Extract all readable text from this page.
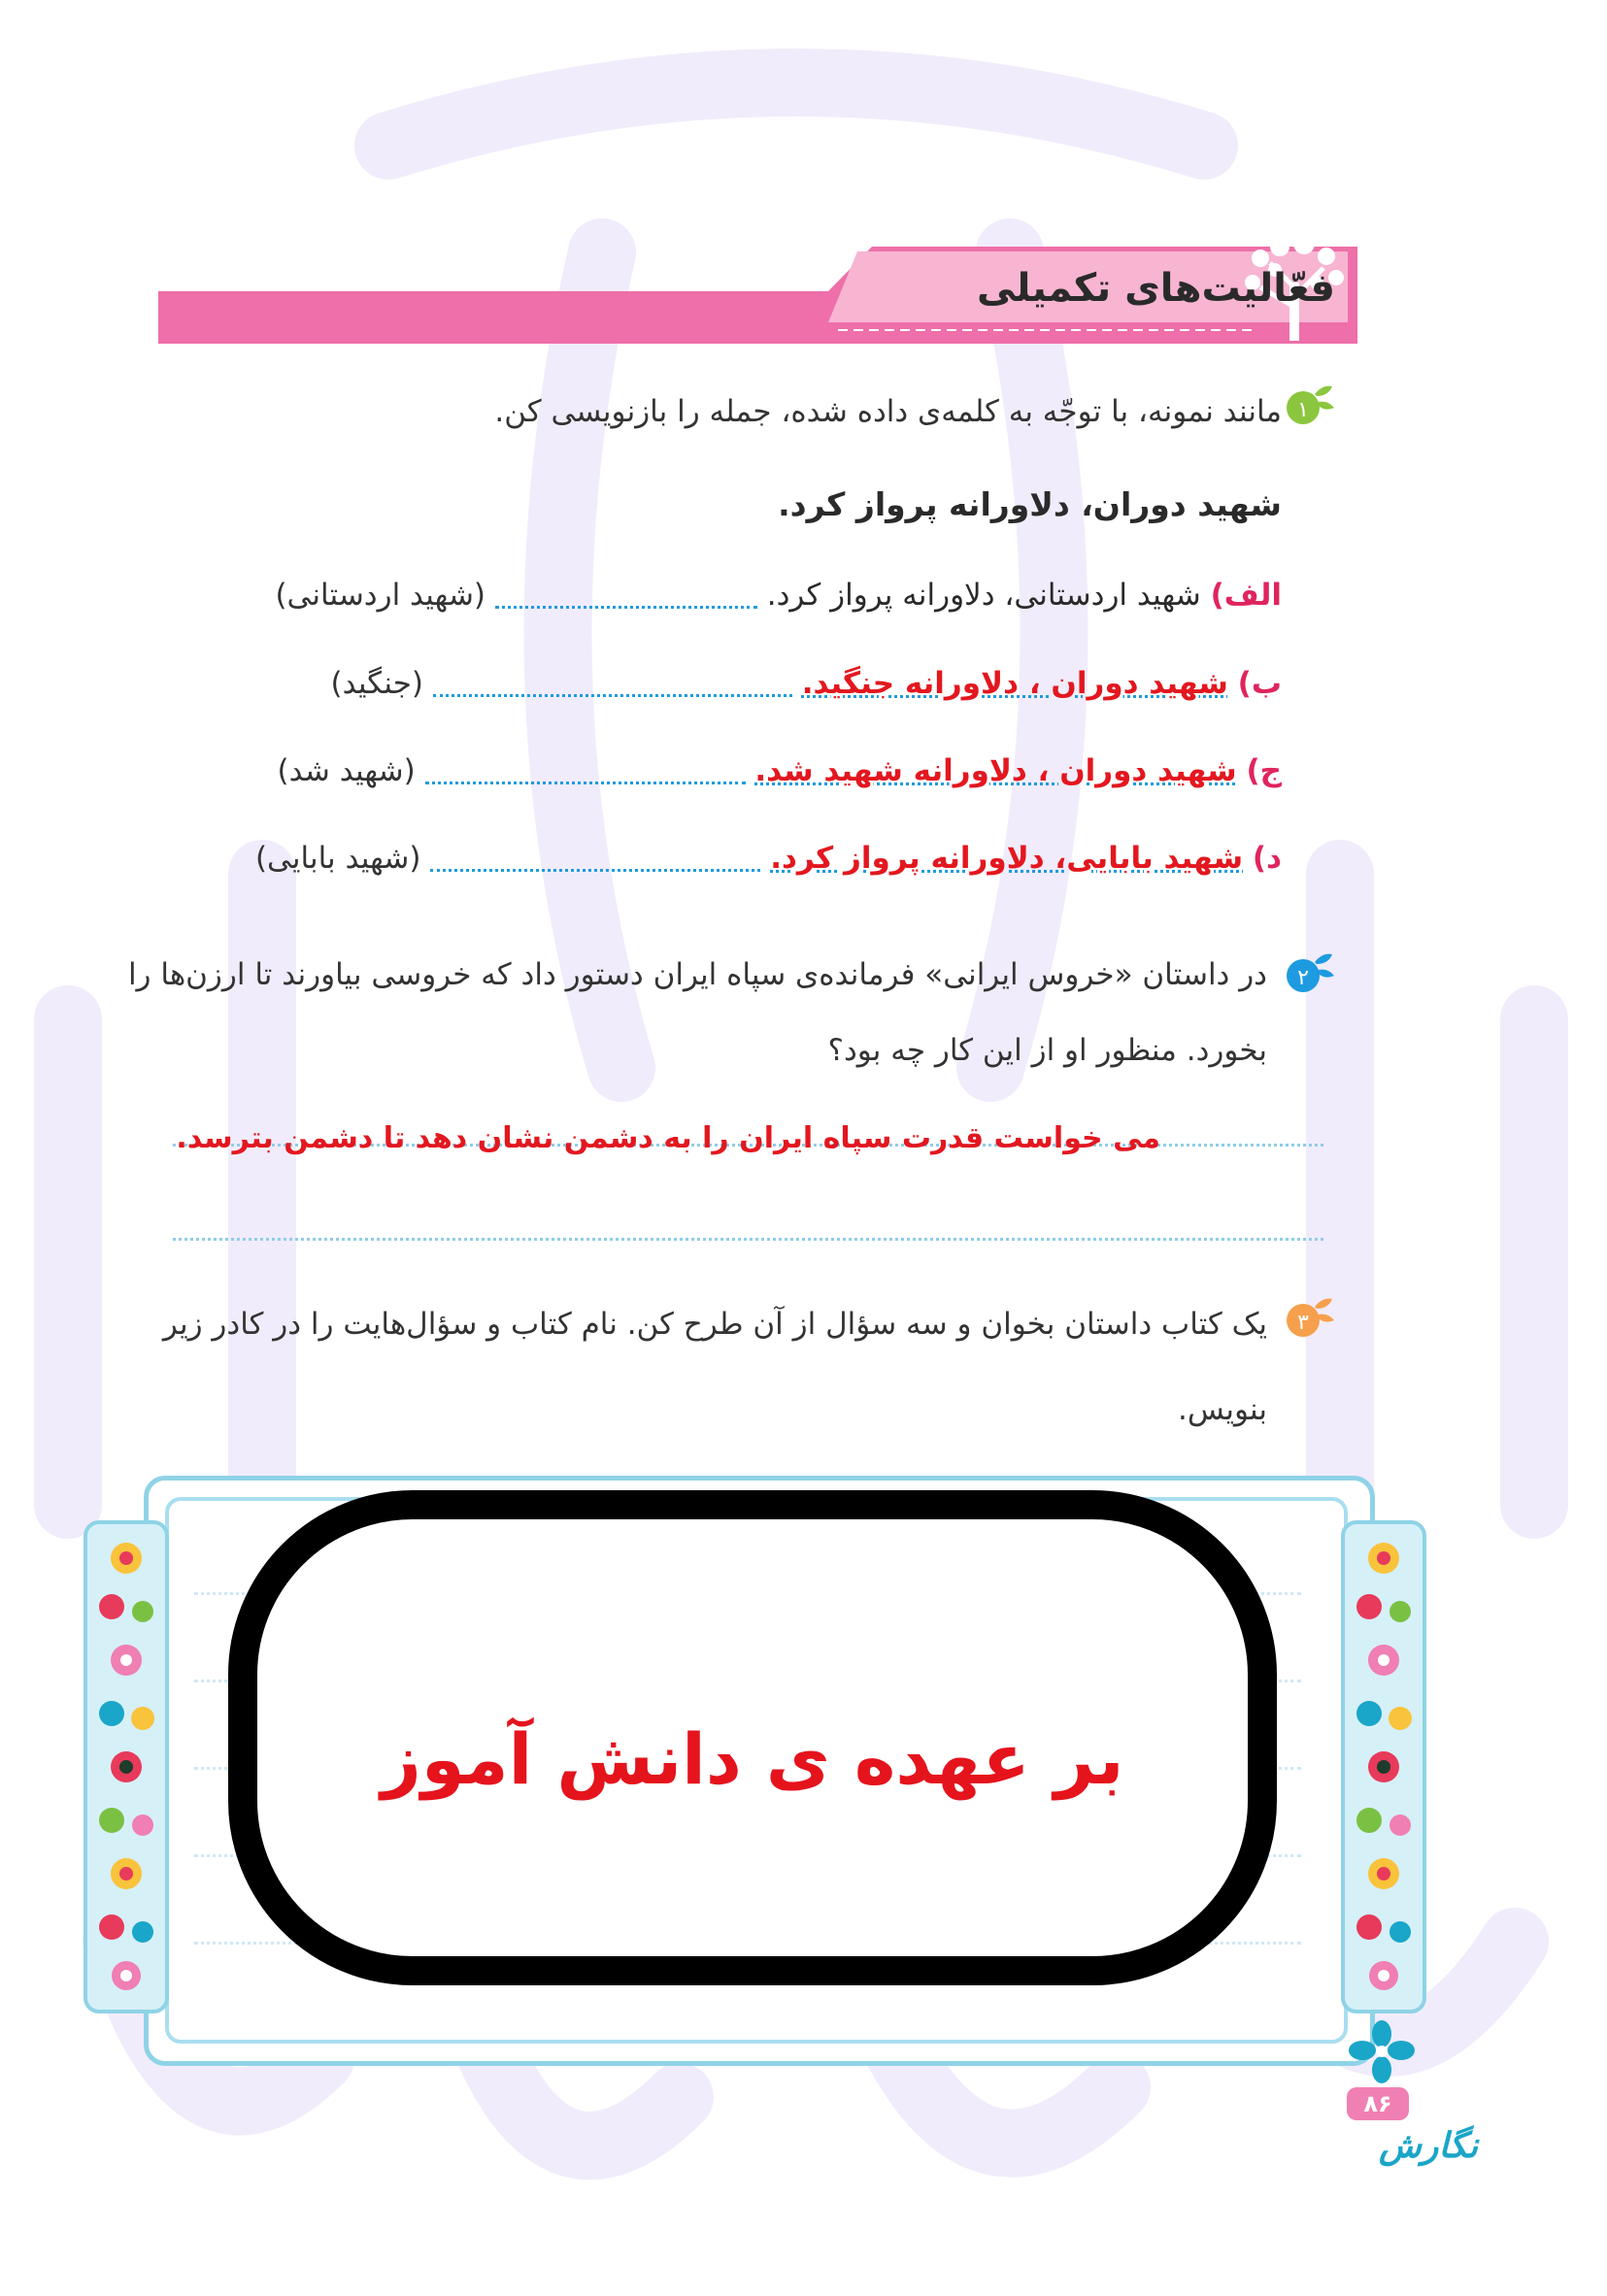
فعّالیت‌های تکمیلی
۱
مانند نمونه، با توجّه به کلمه‌ی داده شده، جمله را بازنویسی کن.
شهید دوران، دلاورانه پرواز کرد.
الف) شهید اردستانی، دلاورانه پرواز کرد.  (شهید اردستانی)
ب) شهید دوران ، دلاورانه جنگید.  (جنگید)
ج) شهید دوران ، دلاورانه شهید شد.  (شهید شد)
د) شهید بابایی، دلاورانه پرواز کرد.  (شهید بابایی)
۲
در داستان «خروس ایرانی» فرمانده‌ی سپاه ایران دستور داد که خروسی بیاورند تا ارزن‌ها را
بخورد. منظور او از این کار چه بود؟
می خواست قدرت سپاه ایران را به دشمن نشان دهد تا دشمن بترسد.
۳
یک کتاب داستان بخوان و سه سؤال از آن طرح کن. نام کتاب و سؤال‌هایت را در کادر زیر
بنویس.
بر عهده ی دانش آموز
۸۶
نگارش
